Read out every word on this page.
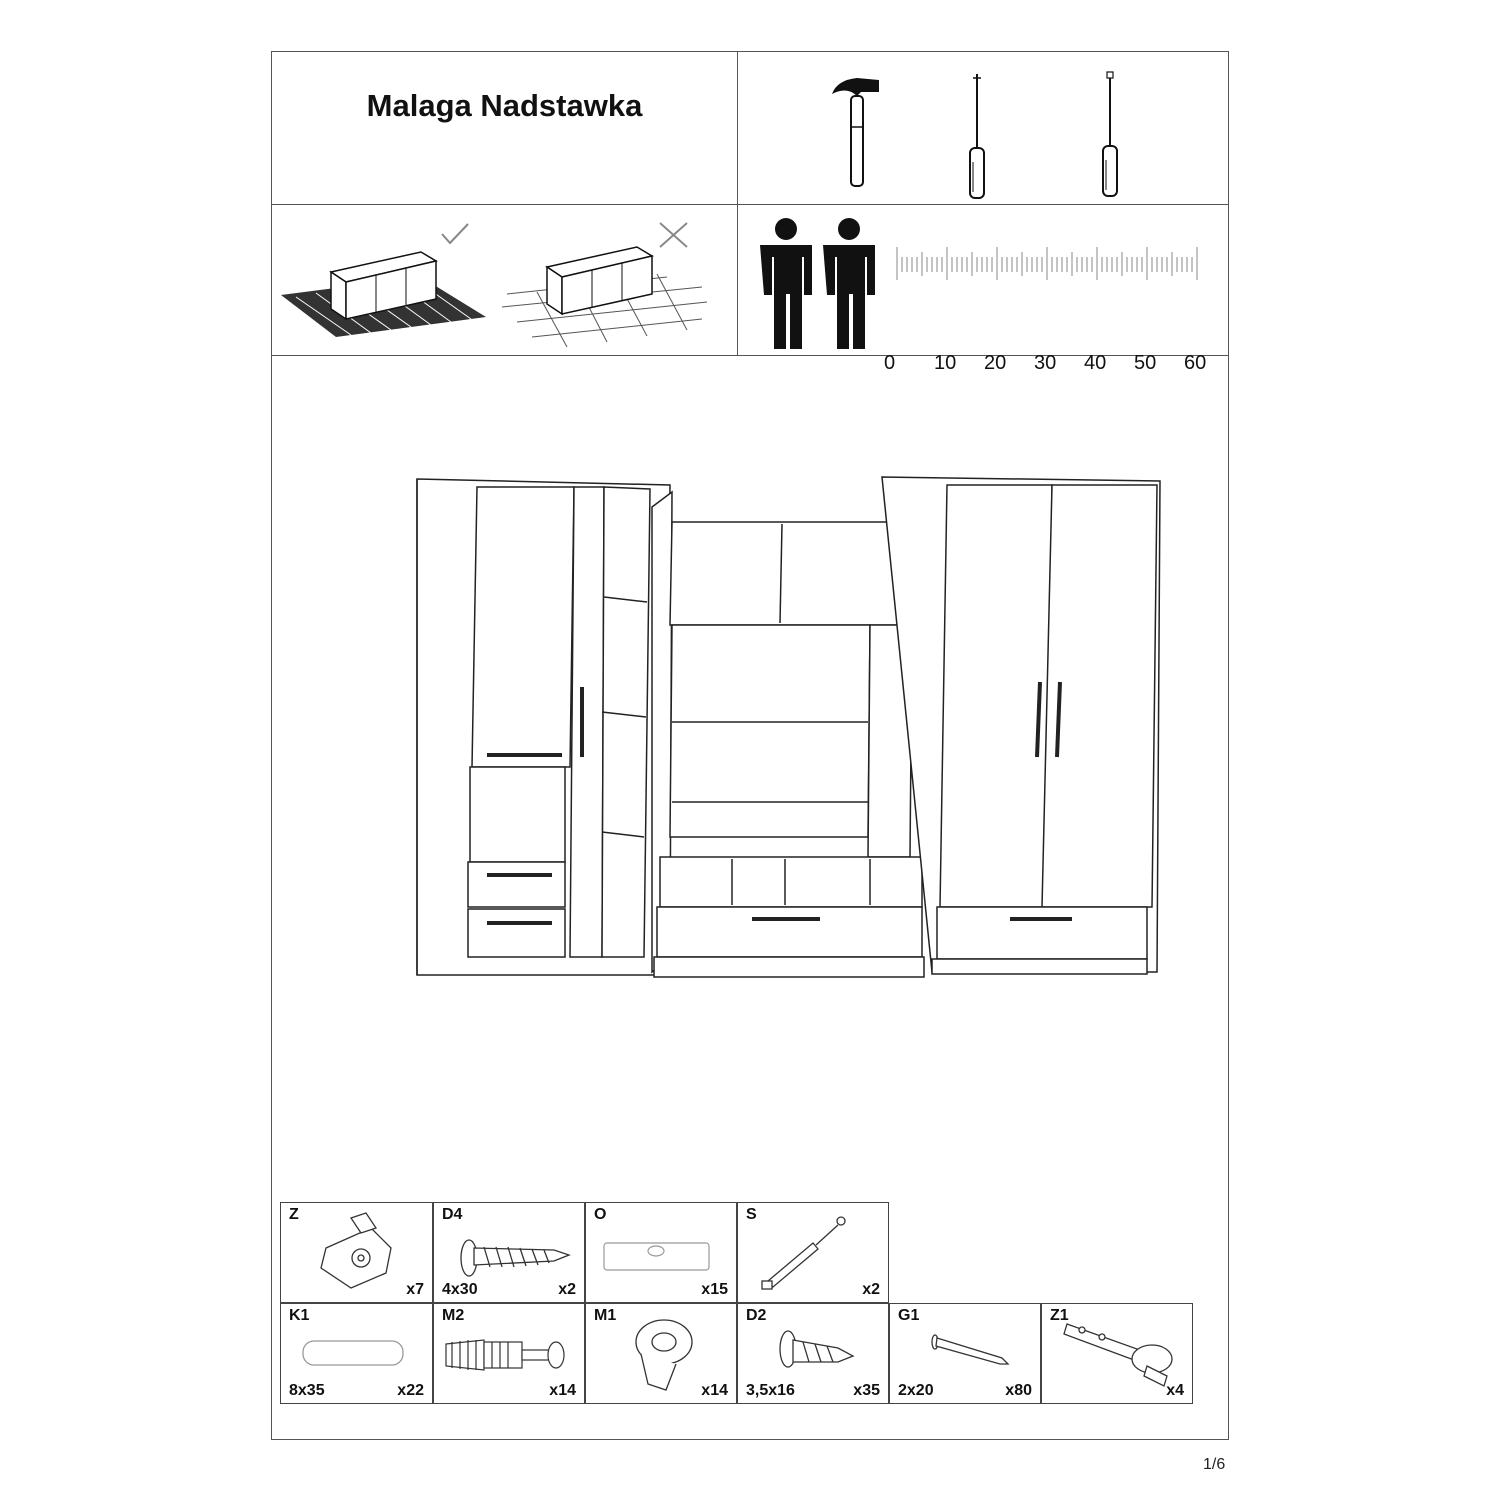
Malaga Nadstawka
0 10 20 30 40 50 60
Z
x7
D4
4x30	x2
O
x15
S
x2
K1
8x35	x22
M2
x14
M1
x14
D2
3,5x16	x35
G1
2x20	x80
Z1
x4
1/6
